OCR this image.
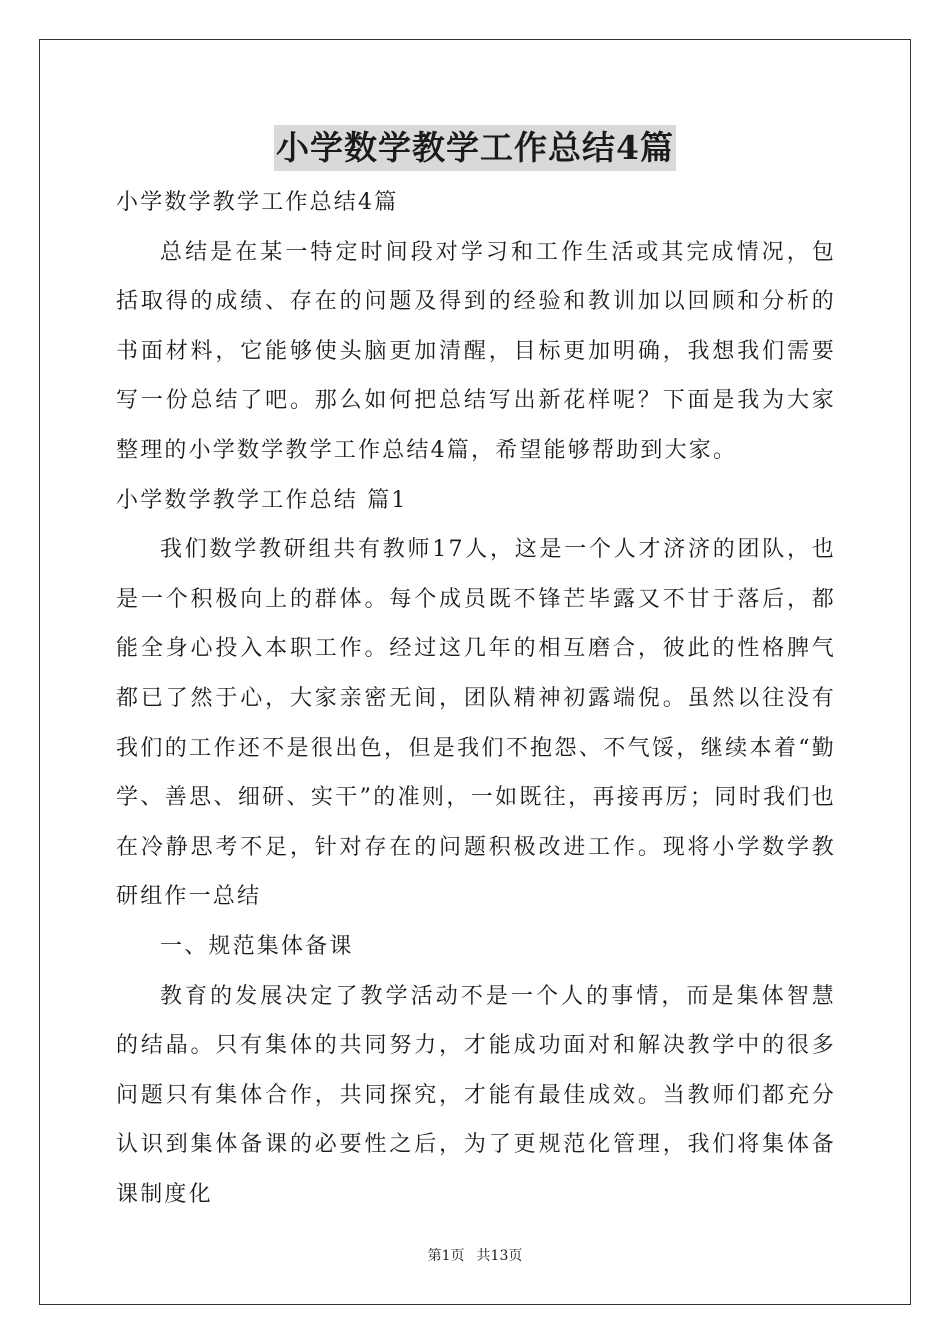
小学数学教学工作总结4篇

小学数学教学工作总结4篇

总结是在某一特定时间段对学习和工作生活或其完成情况，包括取得的成绩、存在的问题及得到的经验和教训加以回顾和分析的书面材料，它能够使头脑更加清醒，目标更加明确，我想我们需要写一份总结了吧。那么如何把总结写出新花样呢？下面是我为大家整理的小学数学教学工作总结4篇，希望能够帮助到大家。

小学数学教学工作总结 篇1

我们数学教研组共有教师17人，这是一个人才济济的团队，也是一个积极向上的群体。每个成员既不锋芒毕露又不甘于落后，都能全身心投入本职工作。经过这几年的相互磨合，彼此的性格脾气都已了然于心，大家亲密无间，团队精神初露端倪。虽然以往没有我们的工作还不是很出色，但是我们不抱怨、不气馁，继续本着“勤学、善思、细研、实干”的准则，一如既往，再接再厉；同时我们也在冷静思考不足，针对存在的问题积极改进工作。现将小学数学教研组作一总结

一、规范集体备课

教育的发展决定了教学活动不是一个人的事情，而是集体智慧的结晶。只有集体的共同努力，才能成功面对和解决教学中的很多问题只有集体合作，共同探究，才能有最佳成效。当教师们都充分认识到集体备课的必要性之后，为了更规范化管理，我们将集体备课制度化

第1页 共13页
